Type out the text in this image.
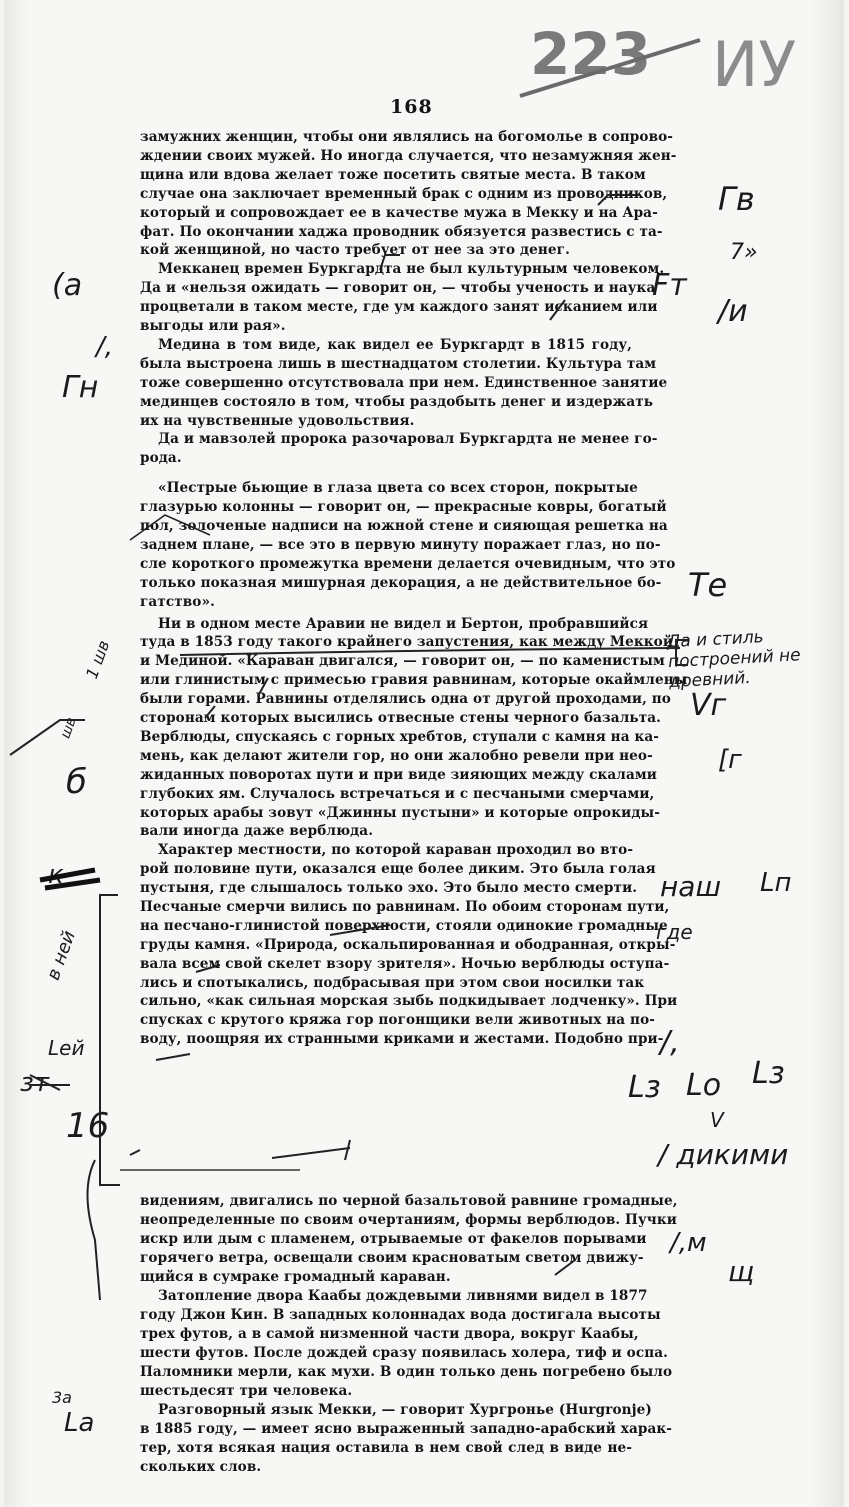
223 ИУ
168
замужних женщин, чтобы они являлись на богомолье в сопрово-
ждении своих мужей. Но иногда случается, что незамужняя жен-
щина или вдова желает тоже посетить святые места. В таком
случае она заключает временный брак с одним из проводников,
который и сопровождает ее в качестве мужа в Мекку и на Ара-
фат. По окончании хаджа проводник обязуется развестись с та-
кой женщиной, но часто требует от нее за это денег.
Мекканец времен Буркгардта не был культурным человеком.
Да и «нельзя ожидать — говорит он, — чтобы ученость и наука
процветали в таком месте, где ум каждого занят исканием или
выгоды или рая».
Медина в том виде, как видел ее Буркгардт в 1815 году,
была выстроена лишь в шестнадцатом столетии. Культура там
тоже совершенно отсутствовала при нем. Единственное занятие
мединцев состояло в том, чтобы раздобыть денег и издержать
их на чувственные удовольствия.
Да и мавзолей пророка разочаровал Буркгардта не менее го-
рода.
«Пестрые бьющие в глаза цвета со всех сторон, покрытые
глазурью колонны — говорит он, — прекрасные ковры, богатый
пол, золоченые надписи на южной стене и сияющая решетка на
заднем плане, — все это в первую минуту поражает глаз, но по-
сле короткого промежутка времени делается очевидным, что это
только показная мишурная декорация, а не действительное бо-
гатство».
Ни в одном месте Аравии не видел и Бертон, пробравшийся
туда в 1853 году такого крайнего запустения, как между Меккой
и Мединой. «Караван двигался, — говорит он, — по каменистым
или глинистым с примесью гравия равнинам, которые окаймлены
были горами. Равнины отделялись одна от другой проходами, по
сторонам которых высились отвесные стены черного базальта.
Верблюды, спускаясь с горных хребтов, ступали с камня на ка-
мень, как делают жители гор, но они жалобно ревели при нео-
жиданных поворотах пути и при виде зияющих между скалами
глубоких ям. Случалось встречаться и с песчаными смерчами,
которых арабы зовут «Джинны пустыни» и которые опрокиды-
вали иногда даже верблюда.
Характер местности, по которой караван проходил во вто-
рой половине пути, оказался еще более диким. Это была голая
пустыня, где слышалось только эхо. Это было место смерти.
Песчаные смерчи вились по равнинам. По обоим сторонам пути,
на песчано-глинистой поверхности, стояли одинокие громадные
груды камня. «Природа, оскальпированная и ободранная, откры-
вала всем свой скелет взору зрителя». Ночью верблюды оступа-
лись и спотыкались, подбрасывая при этом свои носилки так
сильно, «как сильная морская зыбь подкидывает лодченку». При
спусках с крутого кряжа гор погонщики вели животных на по-
воду, поощряя их странными криками и жестами. Подобно при-
видениям, двигались по черной базальтовой равнине громадные,
неопределенные по своим очертаниям, формы верблюдов. Пучки
искр или дым с пламенем, отрываемые от факелов порывами
горячего ветра, освещали своим красноватым светом движу-
щийся в сумраке громадный караван.
Затопление двора Каабы дождевыми ливнями видел в 1877
году Джон Кин. В западных колоннадах вода достигала высоты
трех футов, а в самой низменной части двора, вокруг Каабы,
шести футов. После дождей сразу появилась холера, тиф и оспа.
Паломники мерли, как мухи. В один только день погребено было
шестьдесят три человека.
Разговорный язык Мекки, — говорит Хургронье (Hurgronje)
в 1885 году, — имеет ясно выраженный западно-арабский харак-
тер, хотя всякая нация оставила в нем свой след в виде не-
скольких слов.
Гв
7»
Fт
/и
Те
Да и стиль построений не древний.
Vг
[г
наш Lп
где
/,
Lз Lo Lз
V
/ дикими
/,м
щ
(а
/,
Гн
1 шв
шв
б
к
в ней
Lей
зт
16
Lа
3а
